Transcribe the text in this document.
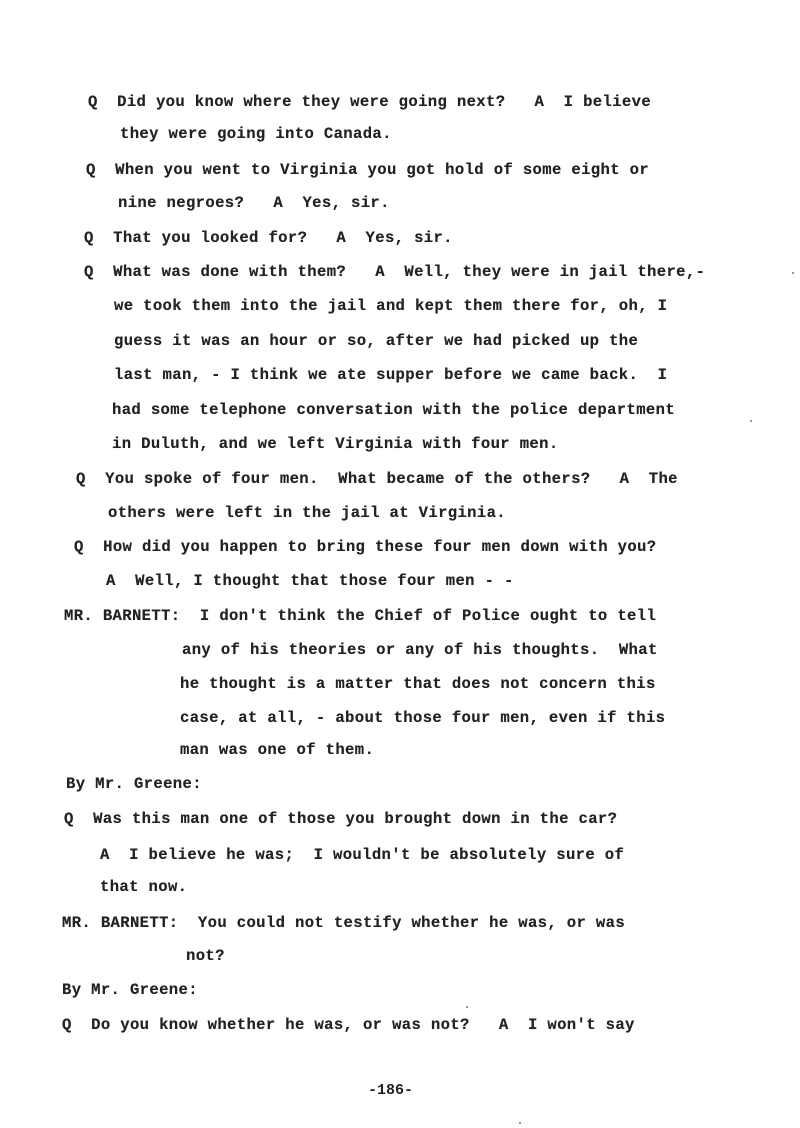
Q  Did you know where they were going next?   A  I believe
they were going into Canada.
Q  When you went to Virginia you got hold of some eight or
nine negroes?   A  Yes, sir.
Q  That you looked for?   A  Yes, sir.
Q  What was done with them?   A  Well, they were in jail there,-
we took them into the jail and kept them there for, oh, I
guess it was an hour or so, after we had picked up the
last man, - I think we ate supper before we came back.  I
had some telephone conversation with the police department
in Duluth, and we left Virginia with four men.
Q  You spoke of four men.  What became of the others?   A  The
others were left in the jail at Virginia.
Q  How did you happen to bring these four men down with you?
A  Well, I thought that those four men - -
MR. BARNETT:  I don't think the Chief of Police ought to tell
any of his theories or any of his thoughts.  What
he thought is a matter that does not concern this
case, at all, - about those four men, even if this
man was one of them.
By Mr. Greene:
Q  Was this man one of those you brought down in the car?
A  I believe he was;  I wouldn't be absolutely sure of
that now.
MR. BARNETT:  You could not testify whether he was, or was
not?
By Mr. Greene:
Q  Do you know whether he was, or was not?   A  I won't say
-186-
